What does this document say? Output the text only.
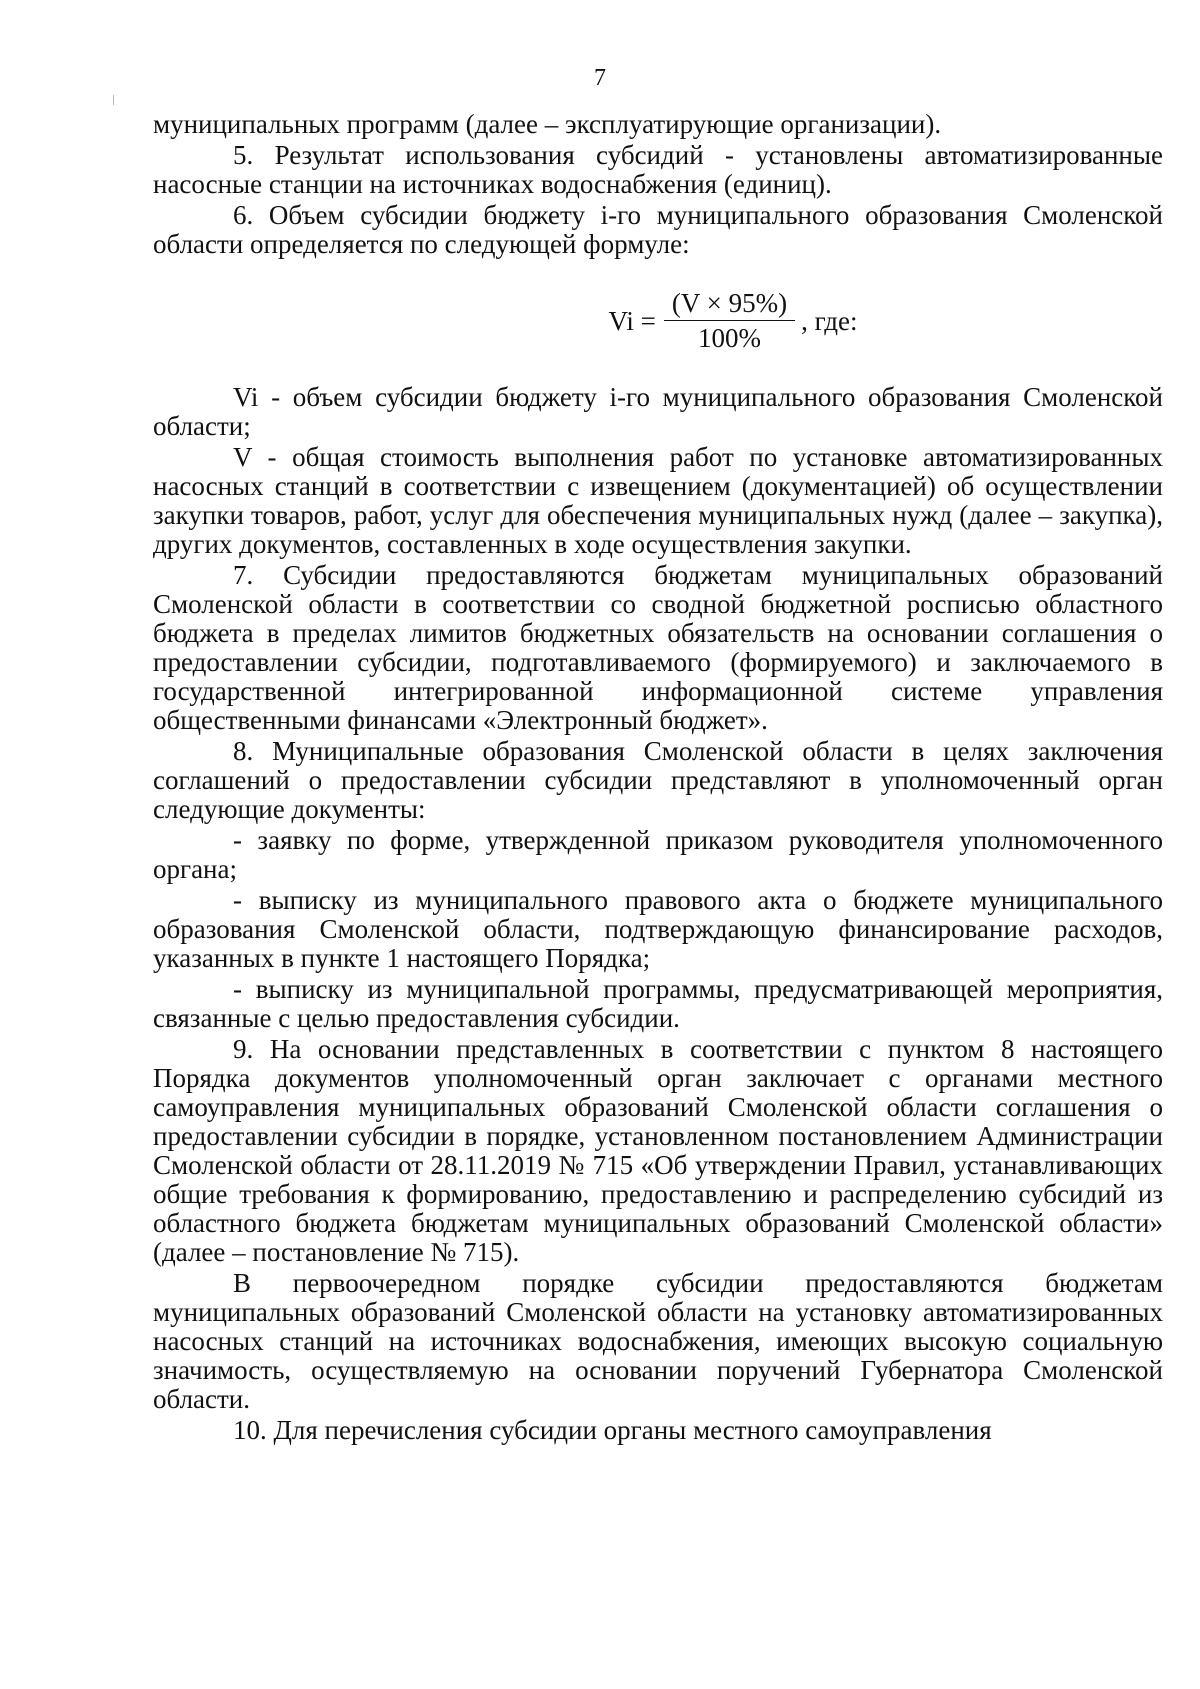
7

муниципальных программ (далее – эксплуатирующие организации).

5. Результат использования субсидий - установлены автоматизированные насосные станции на источниках водоснабжения (единиц).

6. Объем субсидии бюджету i-го муниципального образования Смоленской области определяется по следующей формуле:

$Vi = \frac{(V \times 95\%)}{100\%}$ , где:

Vi - объем субсидии бюджету i-го муниципального образования Смоленской области;

V - общая стоимость выполнения работ по установке автоматизированных насосных станций в соответствии с извещением (документацией) об осуществлении закупки товаров, работ, услуг для обеспечения муниципальных нужд (далее – закупка), других документов, составленных в ходе осуществления закупки.

7. Субсидии предоставляются бюджетам муниципальных образований Смоленской области в соответствии со сводной бюджетной росписью областного бюджета в пределах лимитов бюджетных обязательств на основании соглашения о предоставлении субсидии, подготавливаемого (формируемого) и заключаемого в государственной интегрированной информационной системе управления общественными финансами «Электронный бюджет».

8. Муниципальные образования Смоленской области в целях заключения соглашений о предоставлении субсидии представляют в уполномоченный орган следующие документы:

- заявку по форме, утвержденной приказом руководителя уполномоченного органа;

- выписку из муниципального правового акта о бюджете муниципального образования Смоленской области, подтверждающую финансирование расходов, указанных в пункте 1 настоящего Порядка;

- выписку из муниципальной программы, предусматривающей мероприятия, связанные с целью предоставления субсидии.

9. На основании представленных в соответствии с пунктом 8 настоящего Порядка документов уполномоченный орган заключает с органами местного самоуправления муниципальных образований Смоленской области соглашения о предоставлении субсидии в порядке, установленном постановлением Администрации Смоленской области от 28.11.2019 № 715 «Об утверждении Правил, устанавливающих общие требования к формированию, предоставлению и распределению субсидий из областного бюджета бюджетам муниципальных образований Смоленской области» (далее – постановление № 715).

В первоочередном порядке субсидии предоставляются бюджетам муниципальных образований Смоленской области на установку автоматизированных насосных станций на источниках водоснабжения, имеющих высокую социальную значимость, осуществляемую на основании поручений Губернатора Смоленской области.

10. Для перечисления субсидии органы местного самоуправления
